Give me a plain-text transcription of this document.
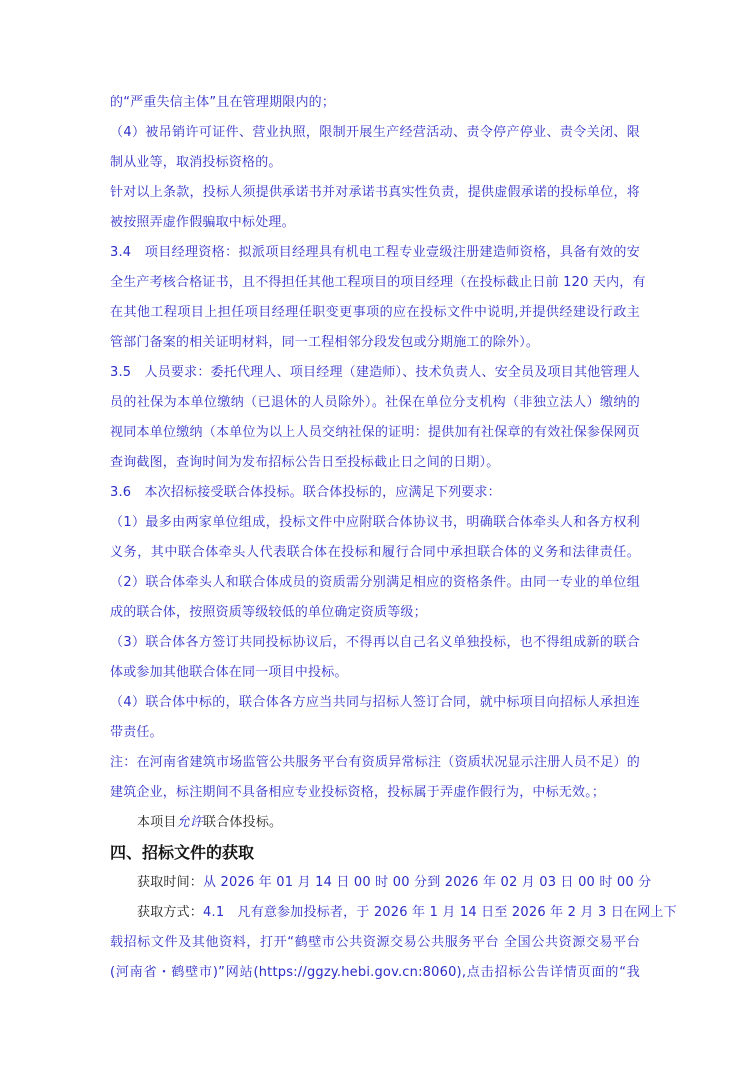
的“严重失信主体”且在管理期限内的；
（4）被吊销许可证件、营业执照，限制开展生产经营活动、责令停产停业、责令关闭、限
制从业等，取消投标资格的。
针对以上条款，投标人须提供承诺书并对承诺书真实性负责，提供虚假承诺的投标单位，将
被按照弄虚作假骗取中标处理。
3.4　项目经理资格：拟派项目经理具有机电工程专业壹级注册建造师资格，具备有效的安
全生产考核合格证书，且不得担任其他工程项目的项目经理（在投标截止日前 120 天内，有
在其他工程项目上担任项目经理任职变更事项的应在投标文件中说明,并提供经建设行政主
管部门备案的相关证明材料，同一工程相邻分段发包或分期施工的除外）。
3.5　人员要求：委托代理人、项目经理（建造师）、技术负责人、安全员及项目其他管理人
员的社保为本单位缴纳（已退休的人员除外）。社保在单位分支机构（非独立法人）缴纳的
视同本单位缴纳（本单位为以上人员交纳社保的证明：提供加有社保章的有效社保参保网页
查询截图，查询时间为发布招标公告日至投标截止日之间的日期）。
3.6　本次招标接受联合体投标。联合体投标的，应满足下列要求：
（1）最多由两家单位组成，投标文件中应附联合体协议书，明确联合体牵头人和各方权利
义务，其中联合体牵头人代表联合体在投标和履行合同中承担联合体的义务和法律责任。
（2）联合体牵头人和联合体成员的资质需分别满足相应的资格条件。由同一专业的单位组
成的联合体，按照资质等级较低的单位确定资质等级；
（3）联合体各方签订共同投标协议后，不得再以自己名义单独投标，也不得组成新的联合
体或参加其他联合体在同一项目中投标。
（4）联合体中标的，联合体各方应当共同与招标人签订合同，就中标项目向招标人承担连
带责任。
注：在河南省建筑市场监管公共服务平台有资质异常标注（资质状况显示注册人员不足）的
建筑企业，标注期间不具备相应专业投标资格，投标属于弄虚作假行为，中标无效。；
本项目允许联合体投标。
四、招标文件的获取
获取时间：从 2026 年 01 月 14 日 00 时 00 分到 2026 年 02 月 03 日 00 时 00 分
获取方式：4.1　凡有意参加投标者，于 2026 年 1 月 14 日至 2026 年 2 月 3 日在网上下
载招标文件及其他资料，打开“鹤壁市公共资源交易公共服务平台 全国公共资源交易平台
(河南省・鹤壁市)”网站(https://ggzy.hebi.gov.cn:8060),点击招标公告详情页面的“我
